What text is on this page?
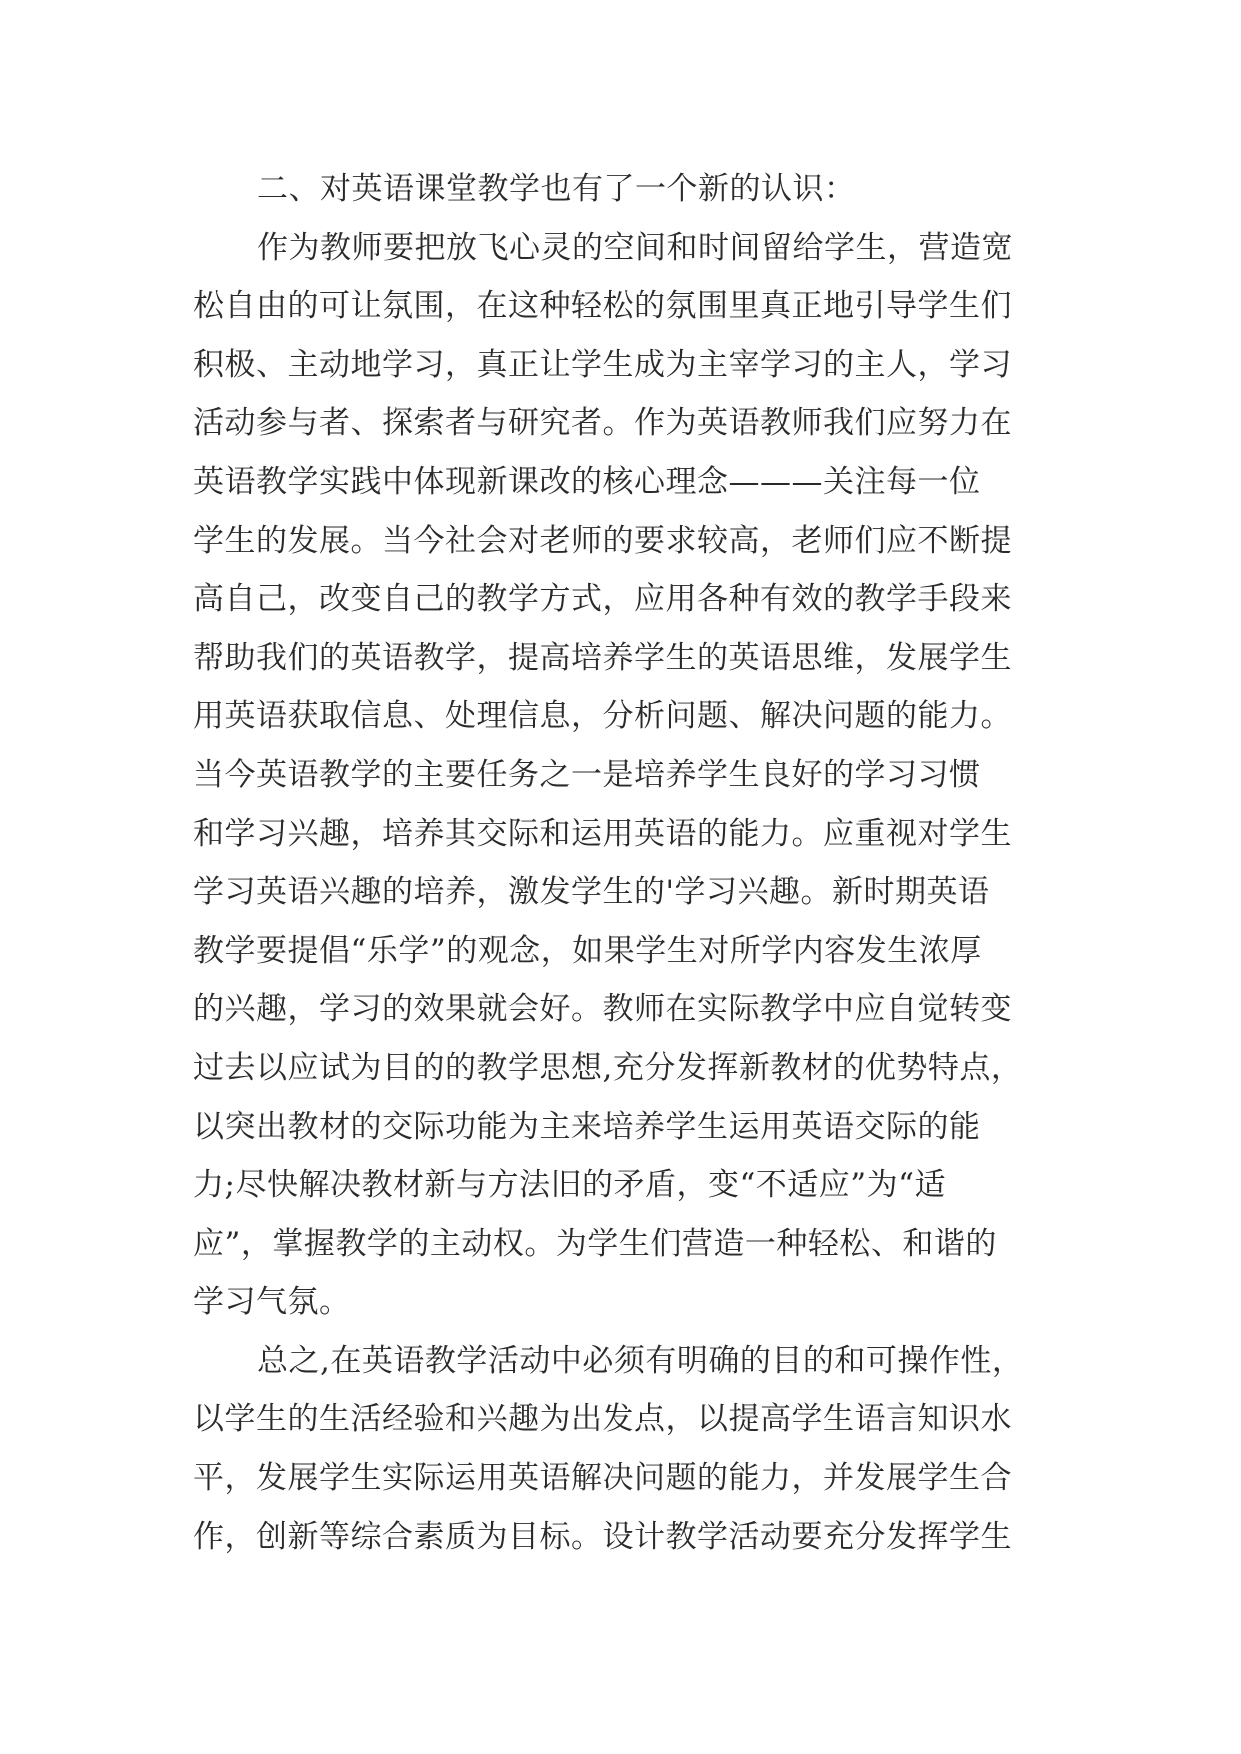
二、对英语课堂教学也有了一个新的认识：
作为教师要把放飞心灵的空间和时间留给学生，营造宽
松自由的可让氛围，在这种轻松的氛围里真正地引导学生们
积极、主动地学习，真正让学生成为主宰学习的主人，学习
活动参与者、探索者与研究者。作为英语教师我们应努力在
英语教学实践中体现新课改的核心理念———关注每一位
学生的发展。当今社会对老师的要求较高，老师们应不断提
高自己，改变自己的教学方式，应用各种有效的教学手段来
帮助我们的英语教学，提高培养学生的英语思维，发展学生
用英语获取信息、处理信息，分析问题、解决问题的能力。
当今英语教学的主要任务之一是培养学生良好的学习习惯
和学习兴趣，培养其交际和运用英语的能力。应重视对学生
学习英语兴趣的培养，激发学生的'学习兴趣。新时期英语
教学要提倡“乐学”的观念，如果学生对所学内容发生浓厚
的兴趣，学习的效果就会好。教师在实际教学中应自觉转变
过去以应试为目的的教学思想,充分发挥新教材的优势特点，
以突出教材的交际功能为主来培养学生运用英语交际的能
力;尽快解决教材新与方法旧的矛盾，变“不适应”为“适
应”，掌握教学的主动权。为学生们营造一种轻松、和谐的
学习气氛。
总之,在英语教学活动中必须有明确的目的和可操作性，
以学生的生活经验和兴趣为出发点，以提高学生语言知识水
平，发展学生实际运用英语解决问题的能力，并发展学生合
作，创新等综合素质为目标。设计教学活动要充分发挥学生
